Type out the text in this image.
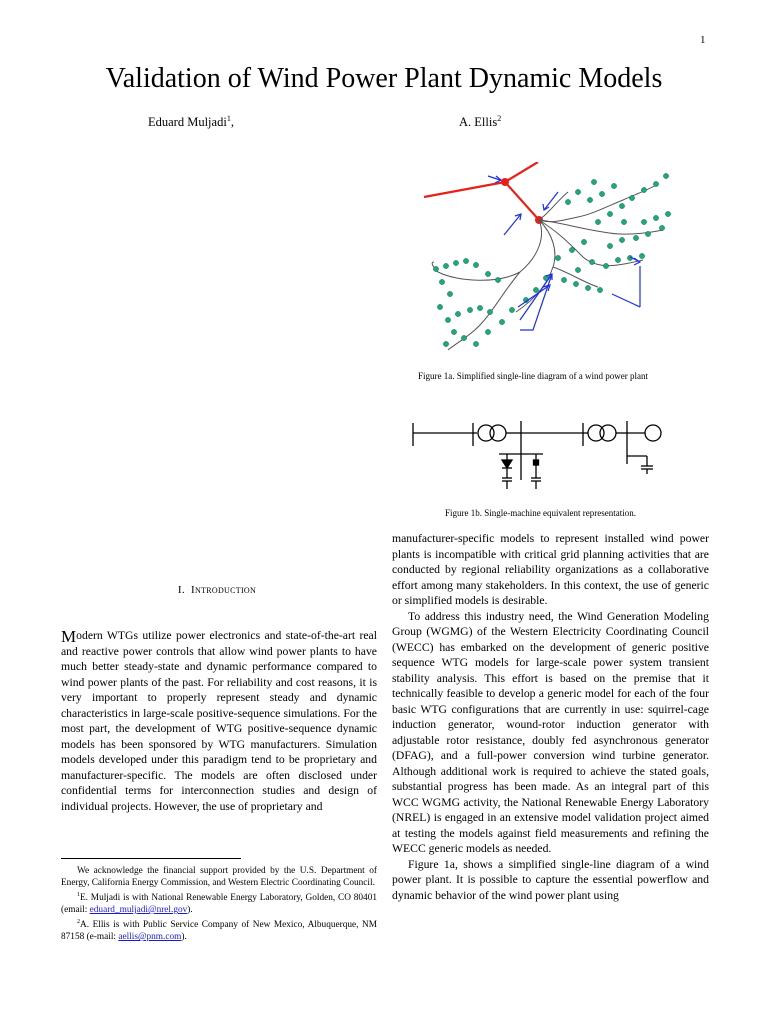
1
Validation of Wind Power Plant Dynamic Models
Eduard Muljadi$^1$,	A. Ellis$^2$
Figure 1a. Simplified single-line diagram of a wind power plant
Figure 1b. Single-machine equivalent representation.
I. Introduction

Modern WTGs utilize power electronics and state-of-the-art real and reactive power controls that allow wind power plants to have much better steady-state and dynamic performance compared to wind power plants of the past. For reliability and cost reasons, it is very important to properly represent steady and dynamic characteristics in large-scale positive-sequence simulations. For the most part, the development of WTG positive-sequence dynamic models has been sponsored by WTG manufacturers. Simulation models developed under this paradigm tend to be proprietary and manufacturer-specific. The models are often disclosed under confidential terms for interconnection studies and design of individual projects. However, the use of proprietary and

manufacturer-specific models to represent installed wind power plants is incompatible with critical grid planning activities that are conducted by regional reliability organizations as a collaborative effort among many stakeholders. In this context, the use of generic or simplified models is desirable.

To address this industry need, the Wind Generation Modeling Group (WGMG) of the Western Electricity Coordinating Council (WECC) has embarked on the development of generic positive sequence WTG models for large-scale power system transient stability analysis. This effort is based on the premise that it technically feasible to develop a generic model for each of the four basic WTG configurations that are currently in use: squirrel-cage induction generator, wound-rotor induction generator with adjustable rotor resistance, doubly fed asynchronous generator (DFAG), and a full-power conversion wind turbine generator. Although additional work is required to achieve the stated goals, substantial progress has been made. As an integral part of this WCC WGMG activity, the National Renewable Energy Laboratory (NREL) is engaged in an extensive model validation project aimed at testing the models against field measurements and refining the WECC generic models as needed.

Figure 1a, shows a simplified single-line diagram of a wind power plant. It is possible to capture the essential powerflow and dynamic behavior of the wind power plant using

We acknowledge the financial support provided by the U.S. Department of Energy, California Energy Commission, and Western Electric Coordinating Council.

$^1$E. Muljadi is with National Renewable Energy Laboratory, Golden, CO 80401 (email: eduard_muljadi@nrel.gov).

$^2$A. Ellis is with Public Service Company of New Mexico, Albuquerque, NM 87158 (e-mail: aellis@pnm.com).
